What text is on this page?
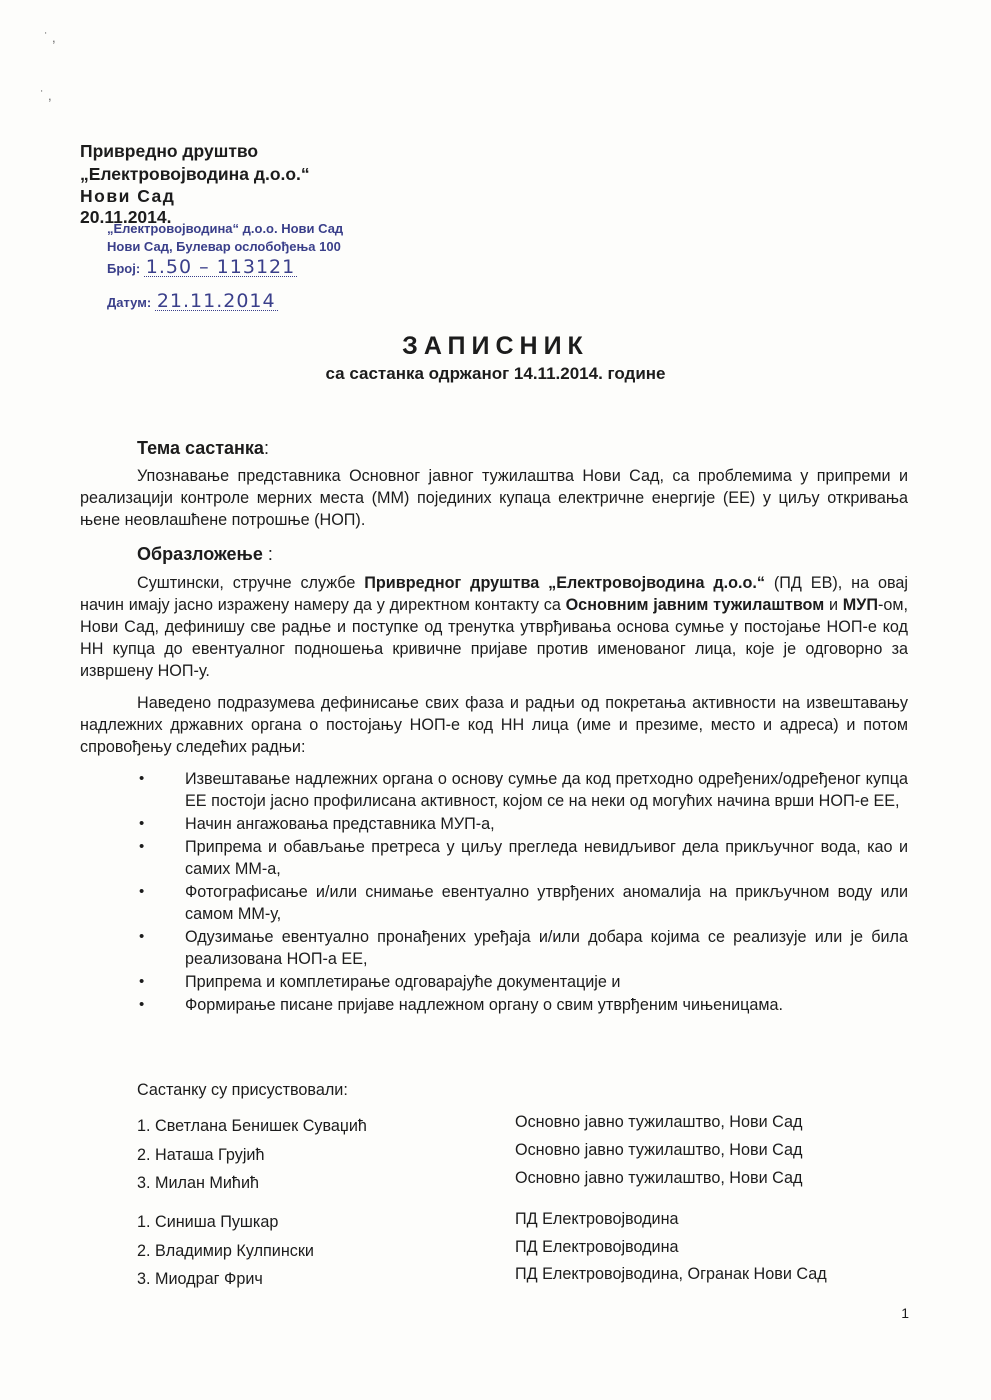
˙ ,
˙ ,
Привредно друштво
„Електровојводина д.о.о.“
Нови Сад
20.11.2014.
„Електровојводина“ д.о.о. Нови Сад
Нови Сад, Булевар ослобођења 100
Број: 1.50 – 113121
Датум: 21.11.2014
ЗАПИСНИК
са састанка одржаног 14.11.2014. године
Тема састанка:

Упознавање представника Основног јавног тужилаштва Нови Сад, са проблемима у припреми и реализацији контроле мерних места (ММ) појединих купаца електричне енергије (ЕЕ) у циљу откривања њене неовлашћене потрошње (НОП).

Образложење :

Суштински, стручне службе Привредног друштва „Електровојводина д.о.о.“ (ПД ЕВ), на овај начин имају јасно изражену намеру да у директном контакту са Основним јавним тужилаштвом и МУП-ом, Нови Сад, дефинишу све радње и поступке од тренутка утврђивања основа сумње у постојање НОП-е код НН купца до евентуалног подношења кривичне пријаве против именованог лица, које је одговорно за извршену НОП-у.

Наведено подразумева дефинисање свих фаза и радњи од покретања активности на извештавању надлежних државних органа о постојању НОП-е код НН лица (име и презиме, место и адреса) и потом спровођењу следећих радњи:

•	Извештавање надлежних органа о основу сумње да код претходно одређених/одређеног купца ЕЕ постоји јасно профилисана активност, којом се на неки од могућих начина врши НОП-е ЕЕ,
•	Начин ангажовања представника МУП-а,
•	Припрема и обављање претреса у циљу прегледа невидљивог дела прикључног вода, као и самих ММ-а,
•	Фотографисање и/или снимање евентуално утврђених аномалија на прикључном воду или самом ММ-у,
•	Одузимање евентуално пронађених уређаја и/или добара којима се реализује или је била реализована НОП-а ЕЕ,
•	Припрема и комплетирање одговарајуће документације и
•	Формирање писане пријаве надлежном органу о свим утврђеним чињеницама.
Састанку су присуствовали:
1. Светлана Бенишек Суваџић	Основно јавно тужилаштво, Нови Сад
2. Наташа Грујић	Основно јавно тужилаштво, Нови Сад
3. Милан Мићић	Основно јавно тужилаштво, Нови Сад
1. Синиша Пушкар	ПД Електровојводина
2. Владимир Кулпински	ПД Електровојводина
3. Миодраг Фрич	ПД Електровојводина, Огранак Нови Сад
1
